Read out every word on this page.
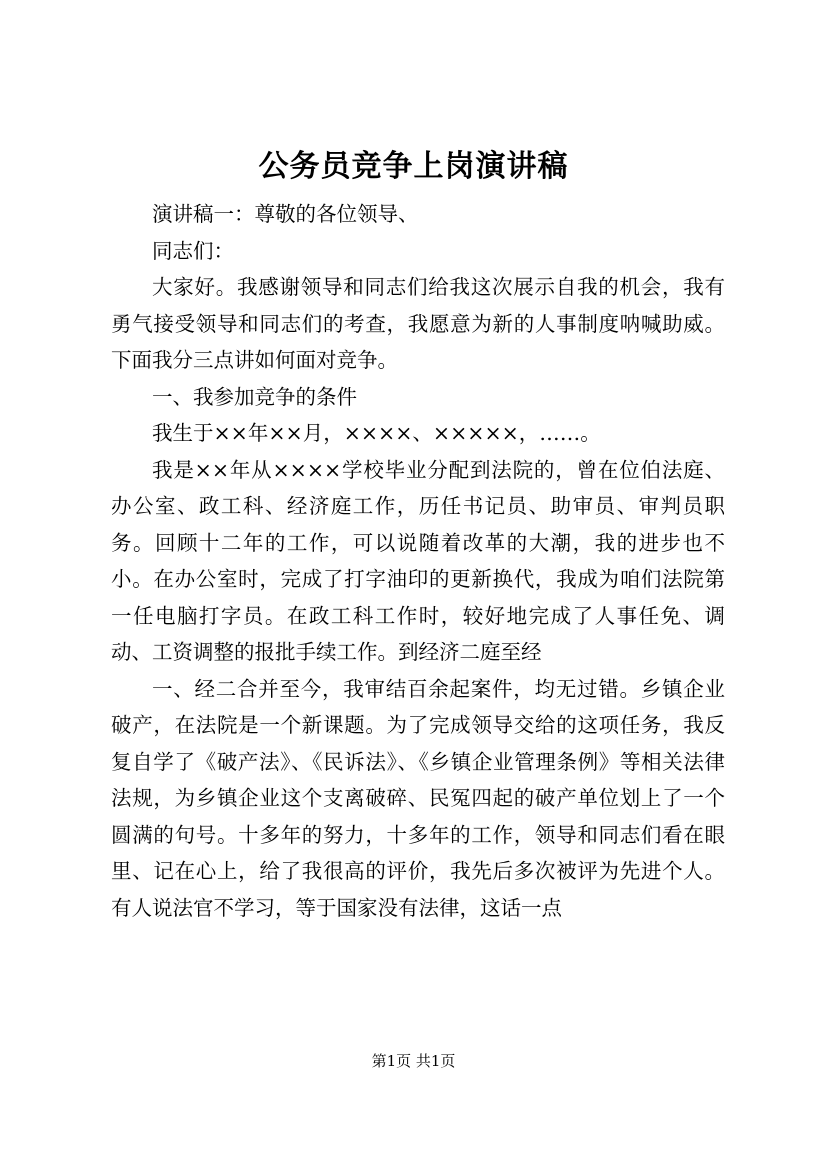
公务员竞争上岗演讲稿

演讲稿一：尊敬的各位领导、

同志们：

大家好。我感谢领导和同志们给我这次展示自我的机会，我有勇气接受领导和同志们的考查，我愿意为新的人事制度呐喊助威。下面我分三点讲如何面对竞争。

一、我参加竞争的条件

我生于××年××月，××××、×××××，……。

我是××年从××××学校毕业分配到法院的，曾在位伯法庭、办公室、政工科、经济庭工作，历任书记员、助审员、审判员职务。回顾十二年的工作，可以说随着改革的大潮，我的进步也不小。在办公室时，完成了打字油印的更新换代，我成为咱们法院第一任电脑打字员。在政工科工作时，较好地完成了人事任免、调动、工资调整的报批手续工作。到经济二庭至经

一、经二合并至今，我审结百余起案件，均无过错。乡镇企业破产，在法院是一个新课题。为了完成领导交给的这项任务，我反复自学了《破产法》、《民诉法》、《乡镇企业管理条例》等相关法律法规，为乡镇企业这个支离破碎、民冤四起的破产单位划上了一个圆满的句号。十多年的努力，十多年的工作，领导和同志们看在眼里、记在心上，给了我很高的评价，我先后多次被评为先进个人。有人说法官不学习，等于国家没有法律，这话一点

第1页 共1页
